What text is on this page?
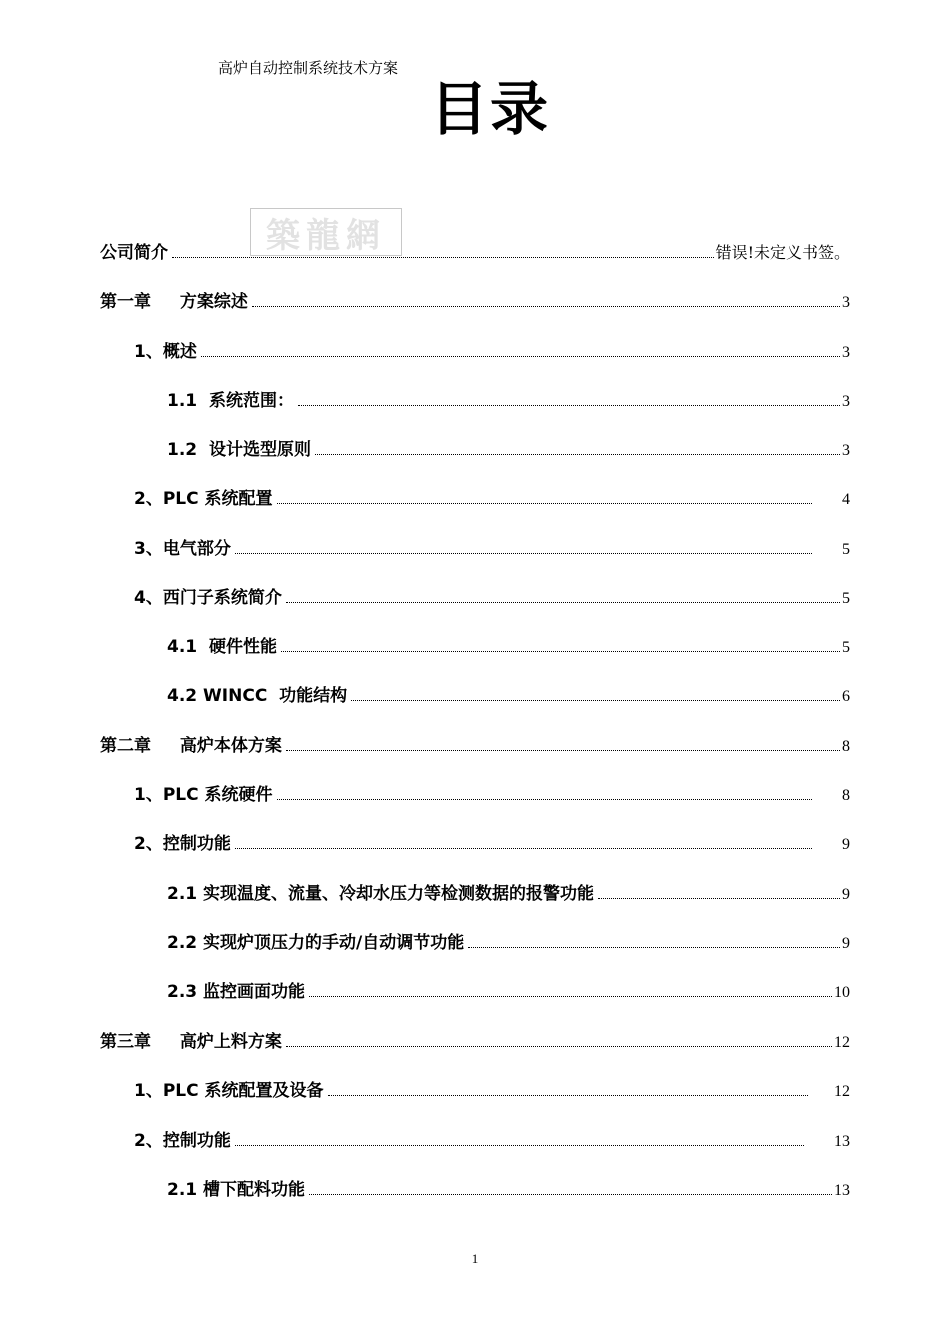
高炉自动控制系统技术方案
目录
公司简介	错误!未定义书签。
第一章　  方案综述	3
1、概述	3
1.1  系统范围：	3
1.2  设计选型原则	3
2、PLC 系统配置	4
3、电气部分	5
4、西门子系统简介	5
4.1  硬件性能	5
4.2 WINCC  功能结构	6
第二章　  高炉本体方案	8
1、PLC 系统硬件	8
2、控制功能	9
2.1 实现温度、流量、冷却水压力等检测数据的报警功能	9
2.2 实现炉顶压力的手动/自动调节功能	9
2.3 监控画面功能	10
第三章　  高炉上料方案	12
1、PLC 系统配置及设备	12
2、控制功能	13
2.1 槽下配料功能	13
築龍網
1
